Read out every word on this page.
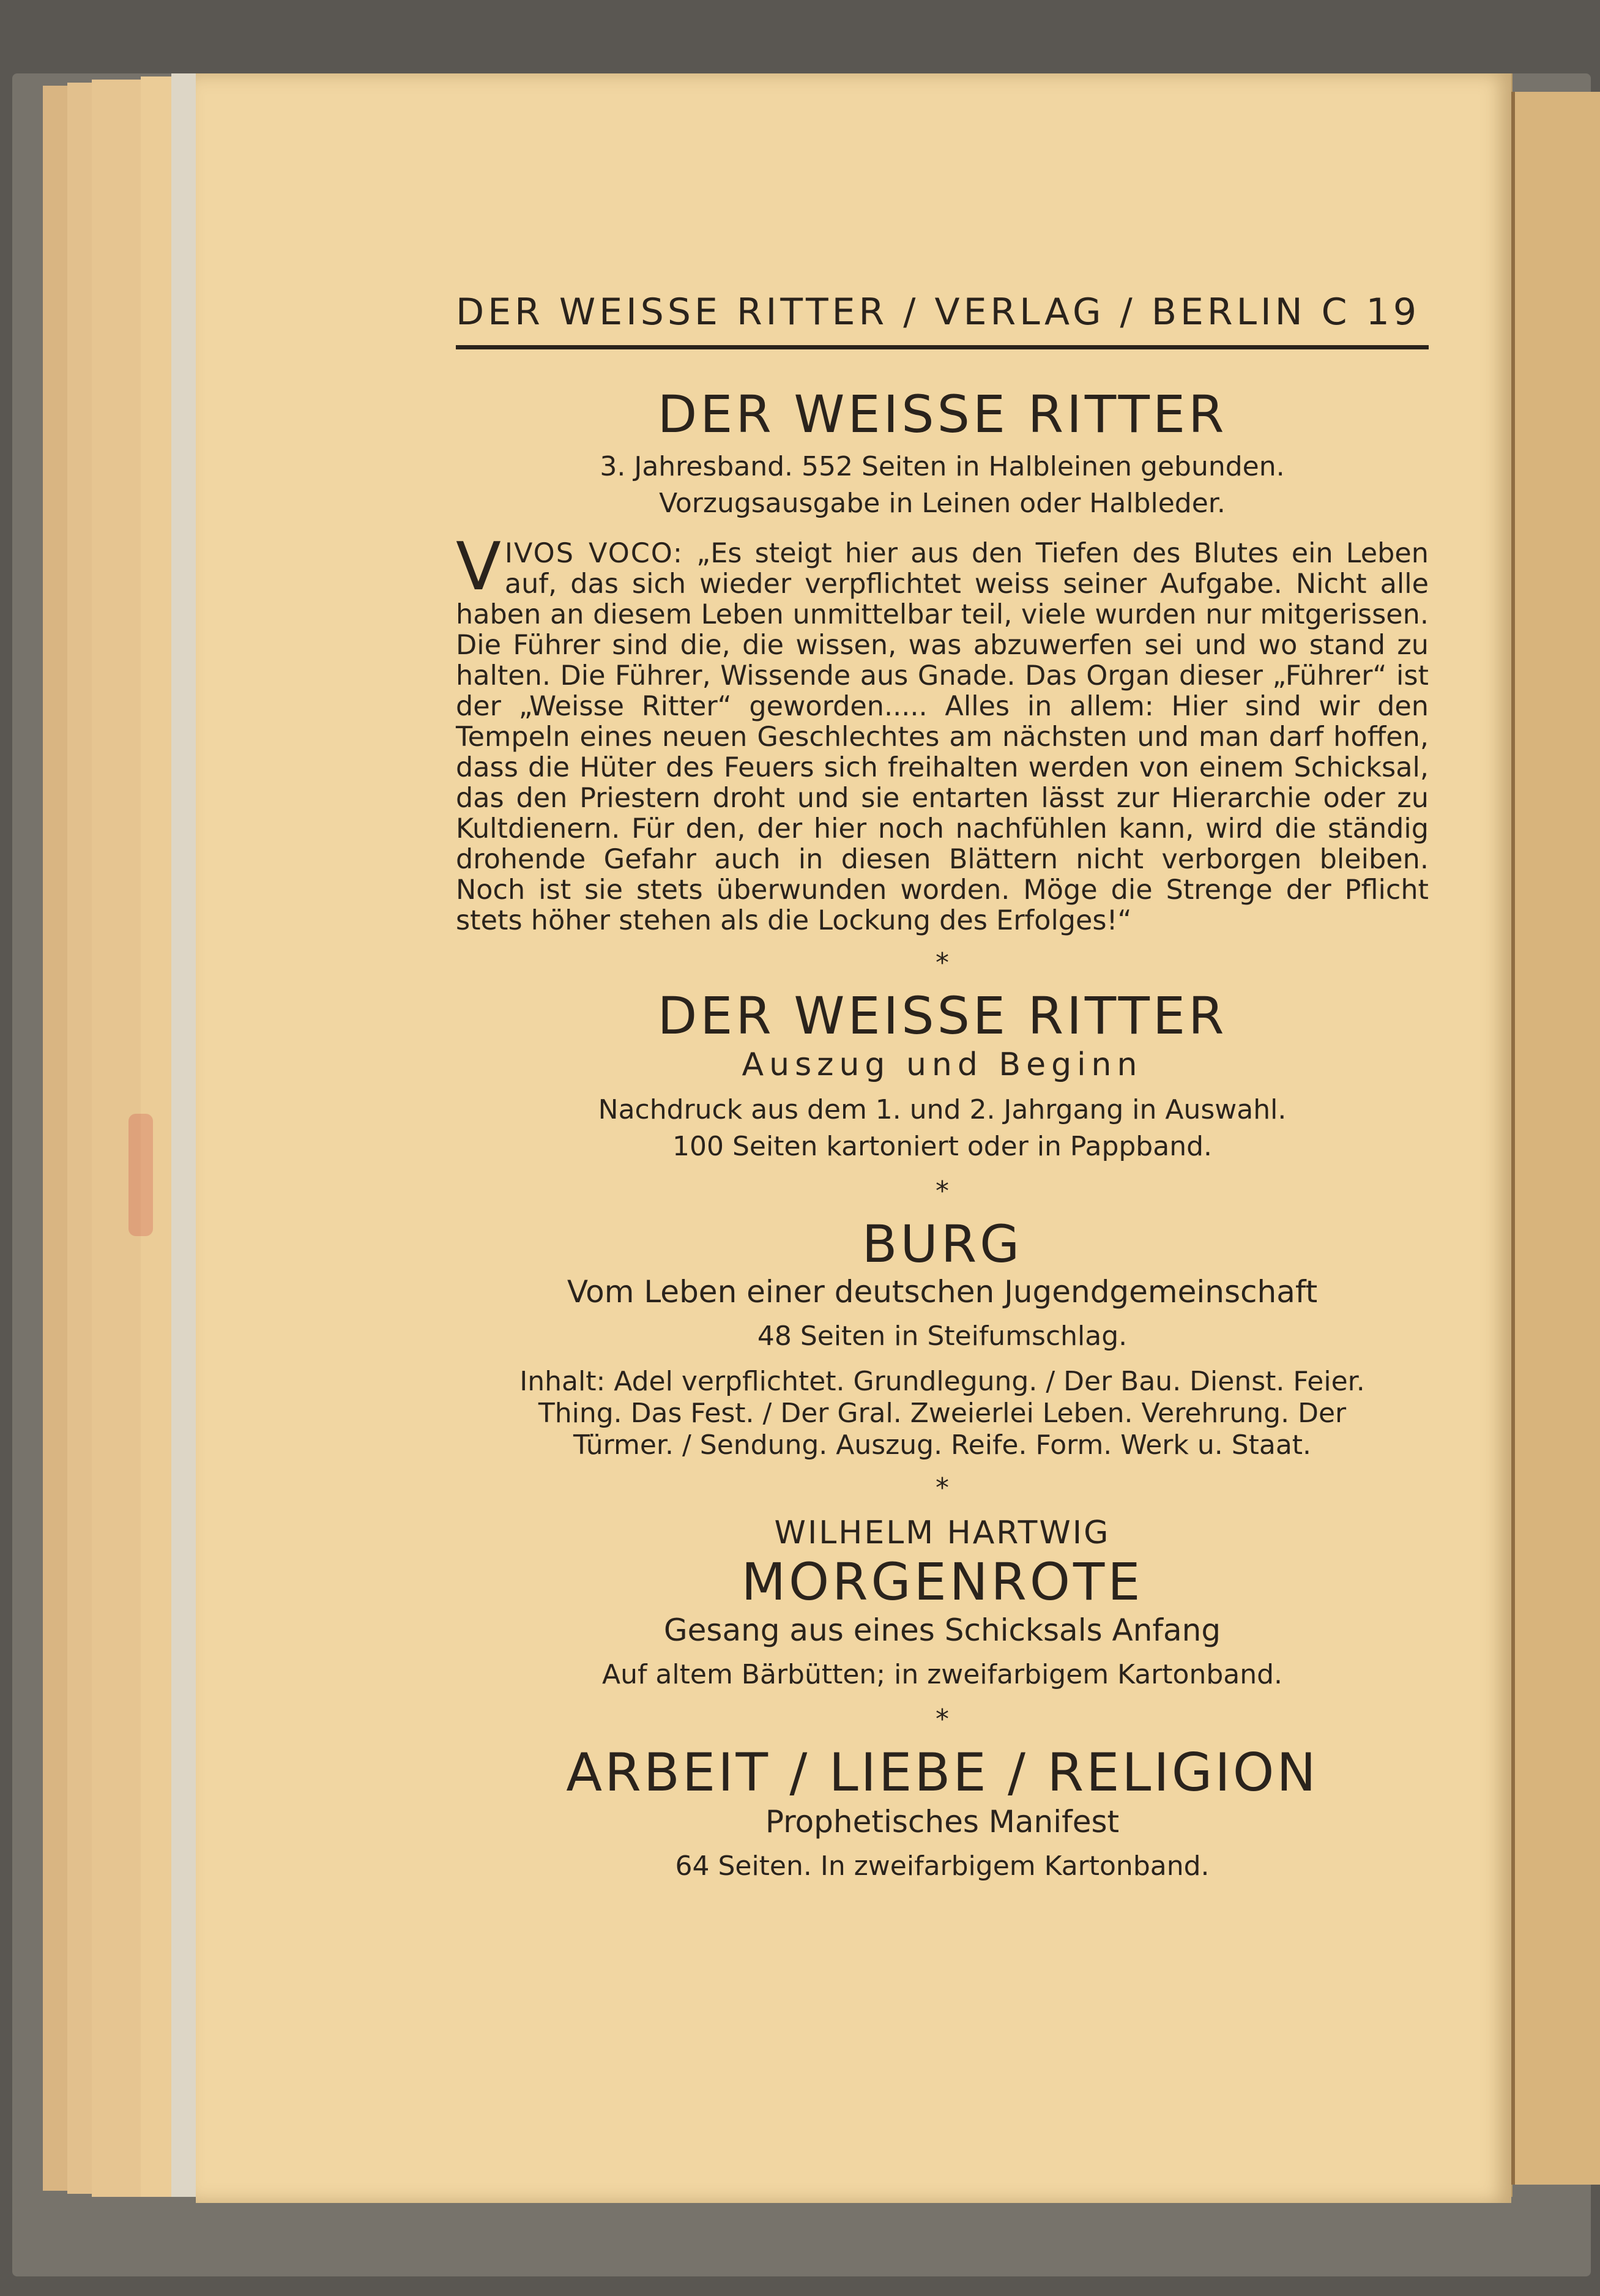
DER WEISSE RITTER / VERLAG / BERLIN C 19
DER WEISSE RITTER
3. Jahresband. 552 Seiten in Halbleinen gebunden.
Vorzugsausgabe in Leinen oder Halbleder.
VIVOS VOCO: „Es steigt hier aus den Tiefen des Blutes ein Leben auf, das sich wieder verpflichtet weiss seiner Aufgabe. Nicht alle haben an diesem Leben unmittelbar teil, viele wurden nur mitgerissen. Die Führer sind die, die wissen, was abzuwerfen sei und wo stand zu halten. Die Führer, Wissende aus Gnade. Das Organ dieser „Führer“ ist der „Weisse Ritter“ geworden..... Alles in allem: Hier sind wir den Tempeln eines neuen Geschlechtes am nächsten und man darf hoffen, dass die Hüter des Feuers sich freihalten werden von einem Schicksal, das den Priestern droht und sie entarten lässt zur Hierarchie oder zu Kultdienern. Für den, der hier noch nachfühlen kann, wird die ständig drohende Gefahr auch in diesen Blättern nicht verborgen bleiben. Noch ist sie stets überwunden worden. Möge die Strenge der Pflicht stets höher stehen als die Lockung des Erfolges!“
*
DER WEISSE RITTER
Auszug und Beginn
Nachdruck aus dem 1. und 2. Jahrgang in Auswahl.
100 Seiten kartoniert oder in Pappband.
*
BURG
Vom Leben einer deutschen Jugendgemeinschaft
48 Seiten in Steifumschlag.
Inhalt: Adel verpflichtet. Grundlegung. / Der Bau. Dienst. Feier.
Thing. Das Fest. / Der Gral. Zweierlei Leben. Verehrung. Der
Türmer. / Sendung. Auszug. Reife. Form. Werk u. Staat.
*
WILHELM HARTWIG
MORGENROTE
Gesang aus eines Schicksals Anfang
Auf altem Bärbütten; in zweifarbigem Kartonband.
*
ARBEIT / LIEBE / RELIGION
Prophetisches Manifest
64 Seiten. In zweifarbigem Kartonband.
